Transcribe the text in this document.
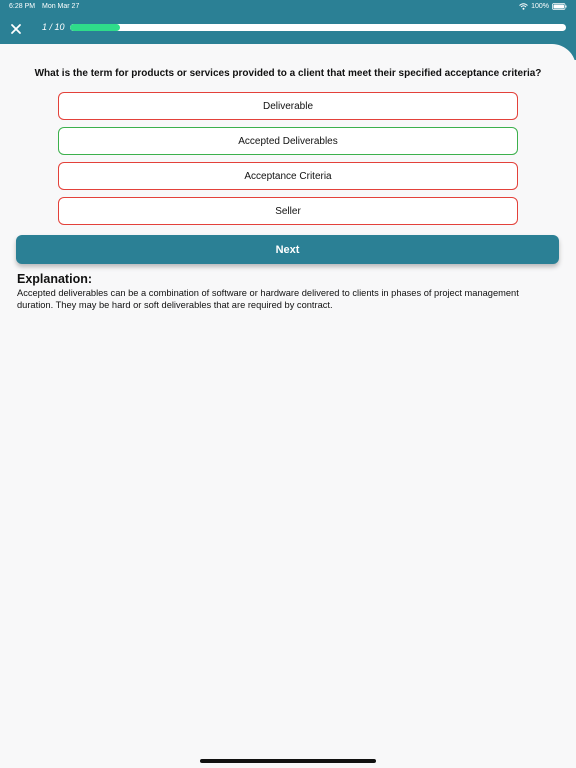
6:28 PM Mon Mar 27	100%
1 / 10
What is the term for products or services provided to a client that meet their specified acceptance criteria?
Deliverable
Accepted Deliverables
Acceptance Criteria
Seller
Next
Explanation:
Accepted deliverables can be a combination of software or hardware delivered to clients in phases of project management duration. They may be hard or soft deliverables that are required by contract.
